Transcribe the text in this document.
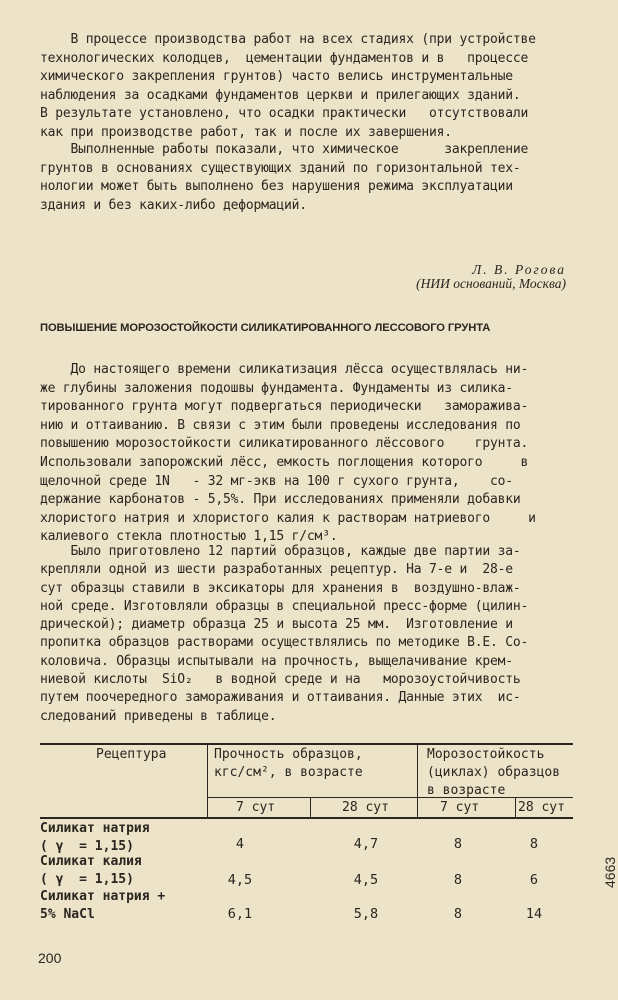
В процессе производства работ на всех стадиях (при устройстве
технологических колодцев,  цементации фундаментов и в   процессе
химического закрепления грунтов) часто велись инструментальные
наблюдения за осадками фундаментов церкви и прилегающих зданий.
В результате установлено, что осадки практически   отсутствовали
как при производстве работ, так и после их завершения.
Выполненные работы показали, что химическое      закрепление
грунтов в основаниях существующих зданий по горизонтальной тех-
нологии может быть выполнено без нарушения режима эксплуатации
здания и без каких-либо деформаций.
Л. В. Рогова
(НИИ оснований, Москва)
ПОВЫШЕНИЕ МОРОЗОСТОЙКОСТИ СИЛИКАТИРОВАННОГО ЛЕССОВОГО ГРУНТА
До настоящего времени силикатизация лёсса осуществлялась ни-
же глубины заложения подошвы фундамента. Фундаменты из силика-
тированного грунта могут подвергаться периодически   заморажива-
нию и оттаиванию. В связи с этим были проведены исследования по
повышению морозостойкости силикатированного лёссового    грунта.
Использовали запорожский лёсс, емкость поглощения которого     в
щелочной среде 1N   - 32 мг-экв на 100 г сухого грунта,    со-
держание карбонатов - 5,5%. При исследованиях применяли добавки
хлористого натрия и хлористого калия к растворам натриевого     и
калиевого стекла плотностью 1,15 г/см³.
Было приготовлено 12 партий образцов, каждые две партии за-
крепляли одной из шести разработанных рецептур. На 7-е и  28-е
сут образцы ставили в эксикаторы для хранения в  воздушно-влаж-
ной среде. Изготовляли образцы в специальной пресс-форме (цилин-
дрической); диаметр образца 25 и высота 25 мм.  Изготовление и
пропитка образцов растворами осуществлялись по методике В.Е. Со-
коловича. Образцы испытывали на прочность, выщелачивание крем-
ниевой кислоты  SiO₂   в водной среде и на   морозоустойчивость
путем поочередного замораживания и оттаивания. Данные этих  ис-
следований приведены в таблице.
Рецептура	Прочность образцов,
кгс/см², в возрасте
Морозостойкость
(циклах) образцов
в возрасте
7 сут	28 сут	7 сут	28 сут
Силикат натрия
( γ  = 1,15)	4	4,7	8	8
Силикат калия
( γ  = 1,15)	4,5	4,5	8	6
Силикат натрия +
5% NaCl	6,1	5,8	8	14
200
4663
